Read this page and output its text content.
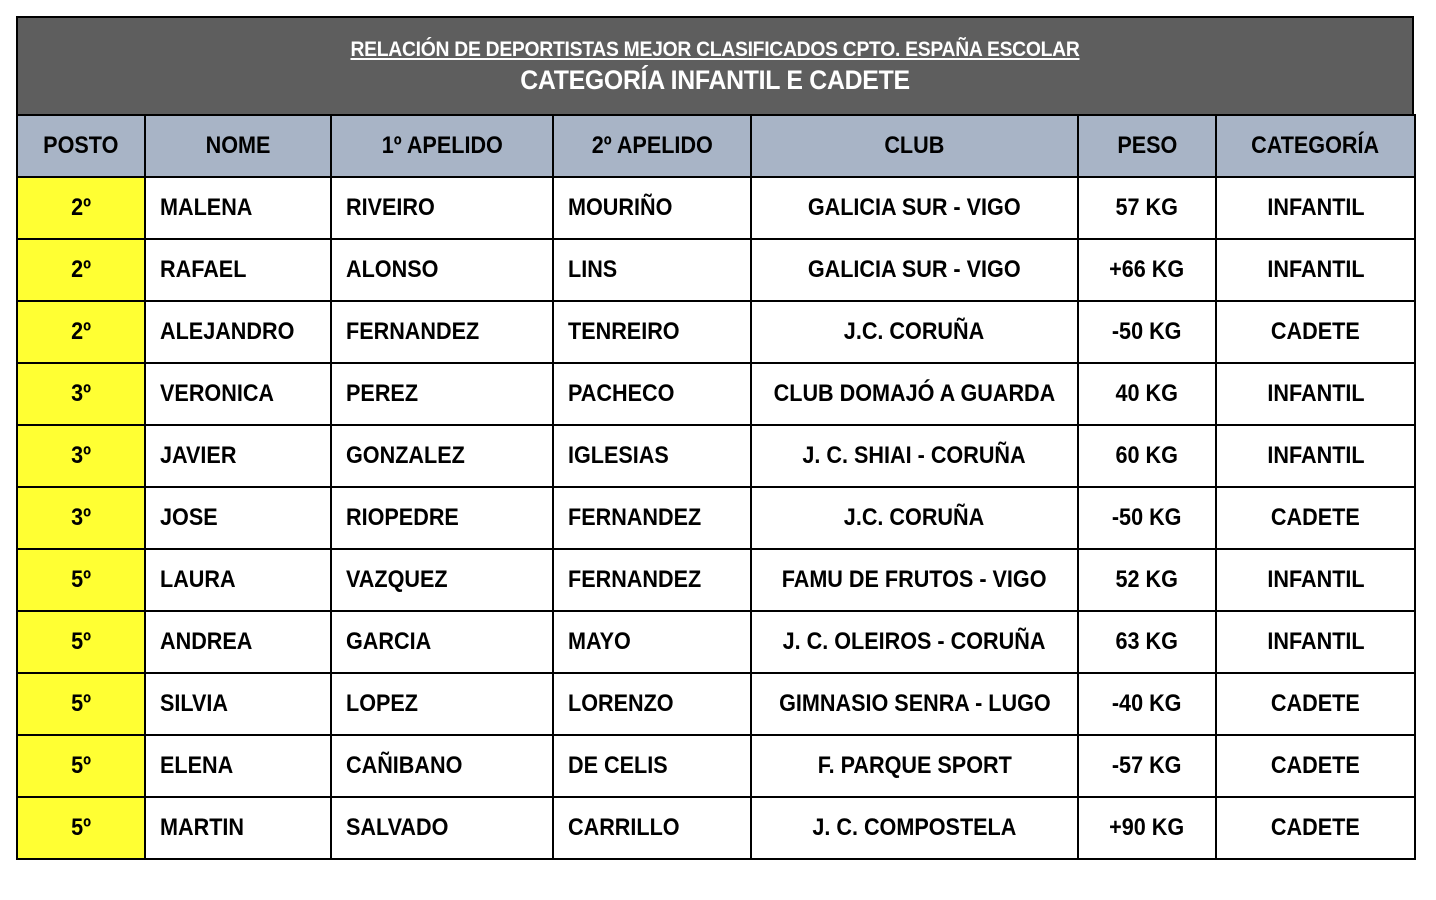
RELACIÓN DE DEPORTISTAS MEJOR CLASIFICADOS CPTO. ESPAÑA ESCOLAR
CATEGORÍA INFANTIL E CADETE
POSTO	NOME	1º APELIDO	2º APELIDO	CLUB	PESO	CATEGORÍA
2º	MALENA	RIVEIRO	MOURIÑO	GALICIA SUR - VIGO	57 KG	INFANTIL
2º	RAFAEL	ALONSO	LINS	GALICIA SUR - VIGO	+66 KG	INFANTIL
2º	ALEJANDRO	FERNANDEZ	TENREIRO	J.C. CORUÑA	-50 KG	CADETE
3º	VERONICA	PEREZ	PACHECO	CLUB DOMAJÓ A GUARDA	40 KG	INFANTIL
3º	JAVIER	GONZALEZ	IGLESIAS	J. C. SHIAI - CORUÑA	60 KG	INFANTIL
3º	JOSE	RIOPEDRE	FERNANDEZ	J.C. CORUÑA	-50 KG	CADETE
5º	LAURA	VAZQUEZ	FERNANDEZ	FAMU DE FRUTOS - VIGO	52 KG	INFANTIL
5º	ANDREA	GARCIA	MAYO	J. C. OLEIROS - CORUÑA	63 KG	INFANTIL
5º	SILVIA	LOPEZ	LORENZO	GIMNASIO SENRA - LUGO	-40 KG	CADETE
5º	ELENA	CAÑIBANO	DE CELIS	F. PARQUE SPORT	-57 KG	CADETE
5º	MARTIN	SALVADO	CARRILLO	J. C. COMPOSTELA	+90 KG	CADETE
